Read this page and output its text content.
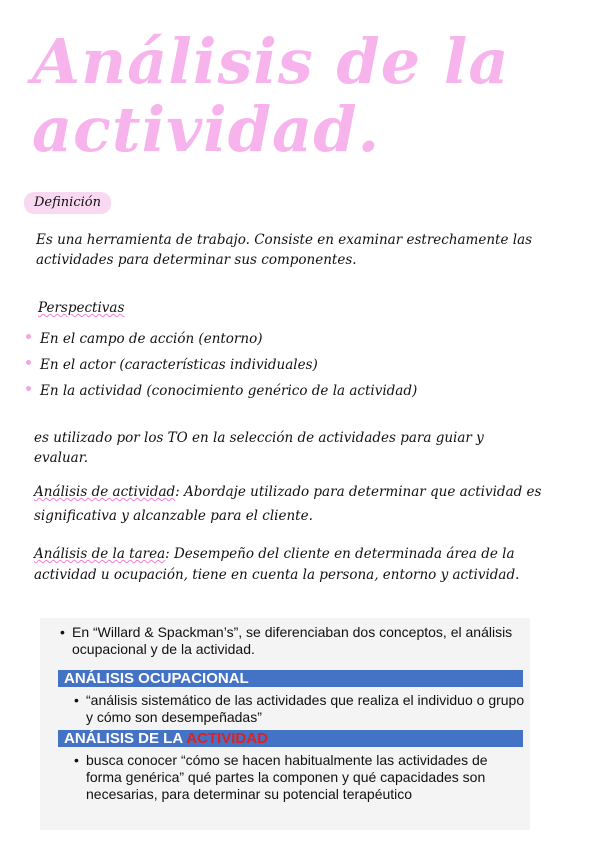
Análisis de la actividad.
Definición

Es una herramienta de trabajo. Consiste en examinar estrechamente las actividades para determinar sus componentes.

Perspectivas
En el campo de acción (entorno)
En el actor (características individuales)
En la actividad (conocimiento genérico de la actividad)

es utilizado por los TO en la selección de actividades para guiar y evaluar.

Análisis de actividad: Abordaje utilizado para determinar que actividad es significativa y alcanzable para el cliente.

Análisis de la tarea: Desempeño del cliente en determinada área de la actividad u ocupación, tiene en cuenta la persona, entorno y actividad.

• En “Willard & Spackman’s”, se diferenciaban dos conceptos, el análisis ocupacional y de la actividad.
ANÁLISIS OCUPACIONAL
• “análisis sistemático de las actividades que realiza el individuo o grupo y cómo son desempeñadas”
ANÁLISIS DE LA ACTIVIDAD
• busca conocer “cómo se hacen habitualmente las actividades de forma genérica” qué partes la componen y qué capacidades son necesarias, para determinar su potencial terapéutico
